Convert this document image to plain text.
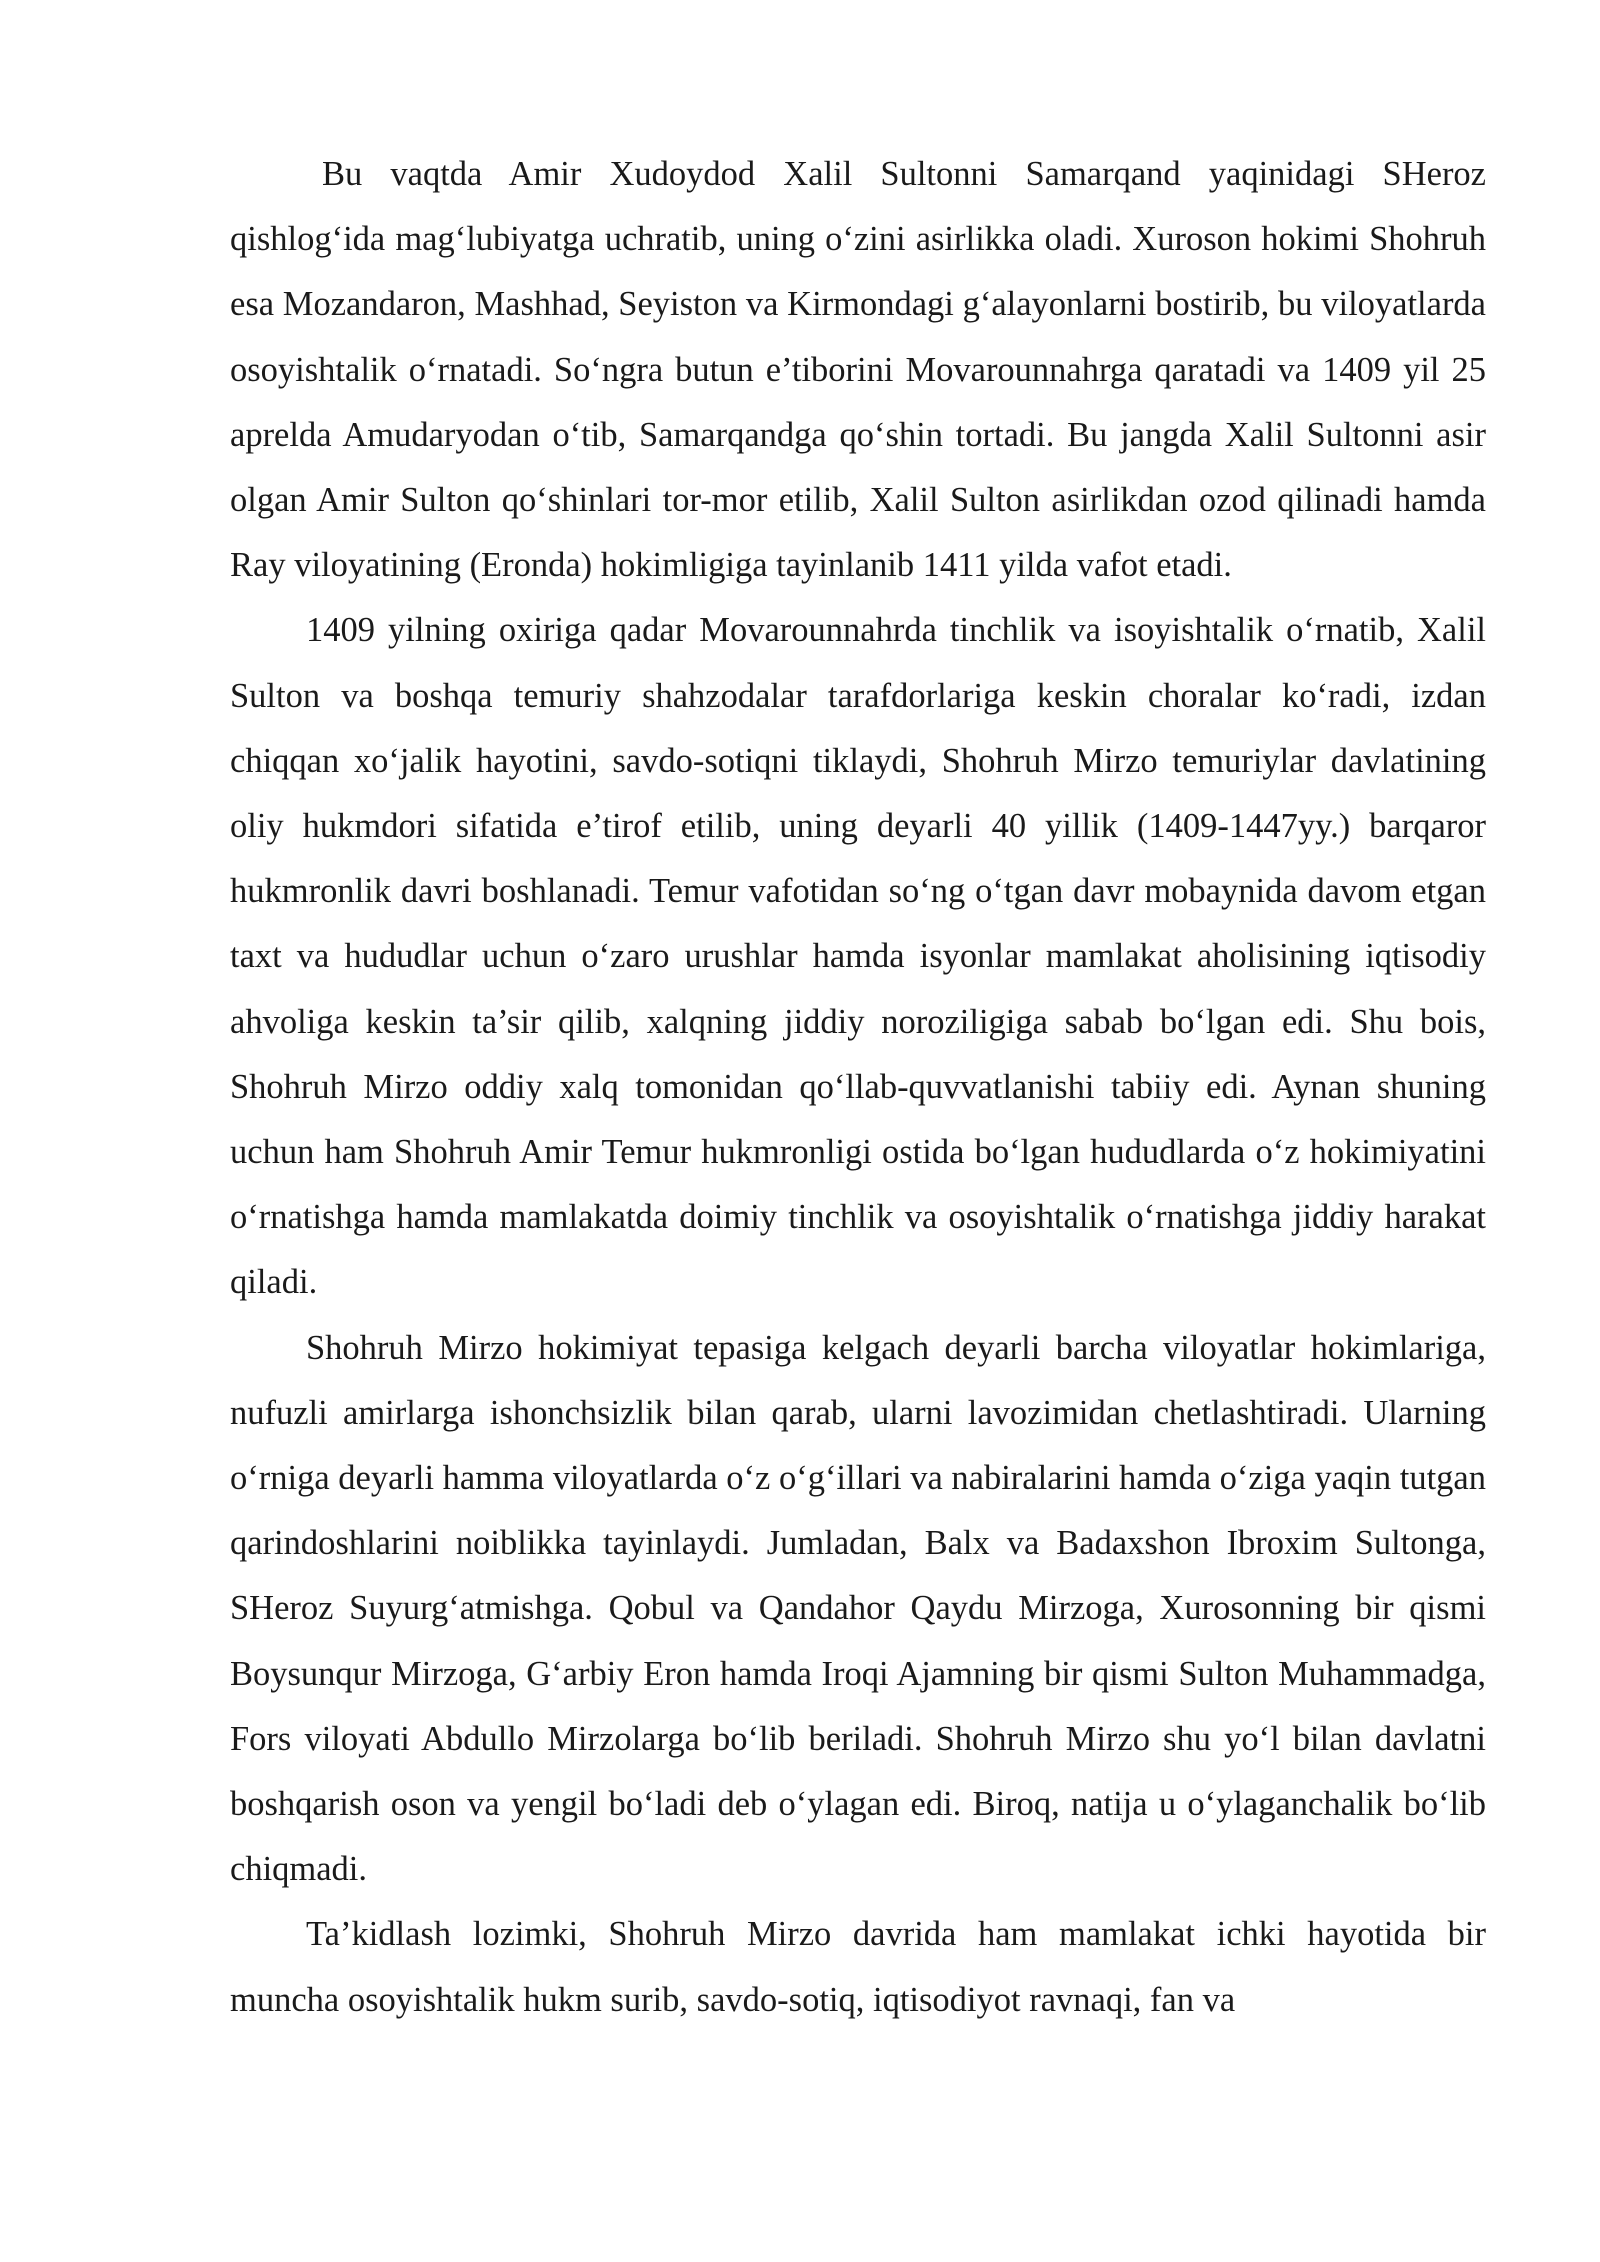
Bu vaqtda Amir Xudoydod Xalil Sultonni Samarqand yaqinidagi SHeroz qishlog‘ida mag‘lubiyatga uchratib, uning o‘zini asirlikka oladi. Xuroson hokimi Shohruh esa Mozandaron, Mashhad, Seyiston va Kirmondagi g‘alayonlarni bostirib, bu viloyatlarda osoyishtalik o‘rnatadi. So‘ngra butun e’tiborini Movarounnahrga qaratadi va 1409 yil 25 aprelda Amudaryodan o‘tib, Samarqandga qo‘shin tortadi. Bu jangda Xalil Sultonni asir olgan Amir Sulton qo‘shinlari tor-mor etilib, Xalil Sulton asirlikdan ozod qilinadi hamda Ray viloyatining (Eronda) hokimligiga tayinlanib 1411 yilda vafot etadi.

1409 yilning oxiriga qadar Movarounnahrda tinchlik va isoyishtalik o‘rnatib, Xalil Sulton va boshqa temuriy shahzodalar tarafdorlariga keskin choralar ko‘radi, izdan chiqqan xo‘jalik hayotini, savdo-sotiqni tiklaydi, Shohruh Mirzo temuriylar davlatining oliy hukmdori sifatida e’tirof etilib, uning deyarli 40 yillik (1409-1447yy.) barqaror hukmronlik davri boshlanadi. Temur vafotidan so‘ng o‘tgan davr mobaynida davom etgan taxt va hududlar uchun o‘zaro urushlar hamda isyonlar mamlakat aholisining iqtisodiy ahvoliga keskin ta’sir qilib, xalqning jiddiy noroziligiga sabab bo‘lgan edi. Shu bois, Shohruh Mirzo oddiy xalq tomonidan qo‘llab-quvvatlanishi tabiiy edi. Aynan shuning uchun ham Shohruh Amir Temur hukmronligi ostida bo‘lgan hududlarda o‘z hokimiyatini o‘rnatishga hamda mamlakatda doimiy tinchlik va osoyishtalik o‘rnatishga jiddiy harakat qiladi.

Shohruh Mirzo hokimiyat tepasiga kelgach deyarli barcha viloyatlar hokimlariga, nufuzli amirlarga ishonchsizlik bilan qarab, ularni lavozimidan chetlashtiradi. Ularning o‘rniga deyarli hamma viloyatlarda o‘z o‘g‘illari va nabiralarini hamda o‘ziga yaqin tutgan qarindoshlarini noiblikka tayinlaydi. Jumladan, Balx va Badaxshon Ibroxim Sultonga, SHeroz Suyurg‘atmishga. Qobul va Qandahor Qaydu Mirzoga, Xurosonning bir qismi Boysunqur Mirzoga, G‘arbiy Eron hamda Iroqi Ajamning bir qismi Sulton Muhammadga, Fors viloyati Abdullo Mirzolarga bo‘lib beriladi. Shohruh Mirzo shu yo‘l bilan davlatni boshqarish oson va yengil bo‘ladi deb o‘ylagan edi. Biroq, natija u o‘ylaganchalik bo‘lib chiqmadi.

Ta’kidlash lozimki, Shohruh Mirzo davrida ham mamlakat ichki hayotida bir muncha osoyishtalik hukm surib, savdo-sotiq, iqtisodiyot ravnaqi, fan va
